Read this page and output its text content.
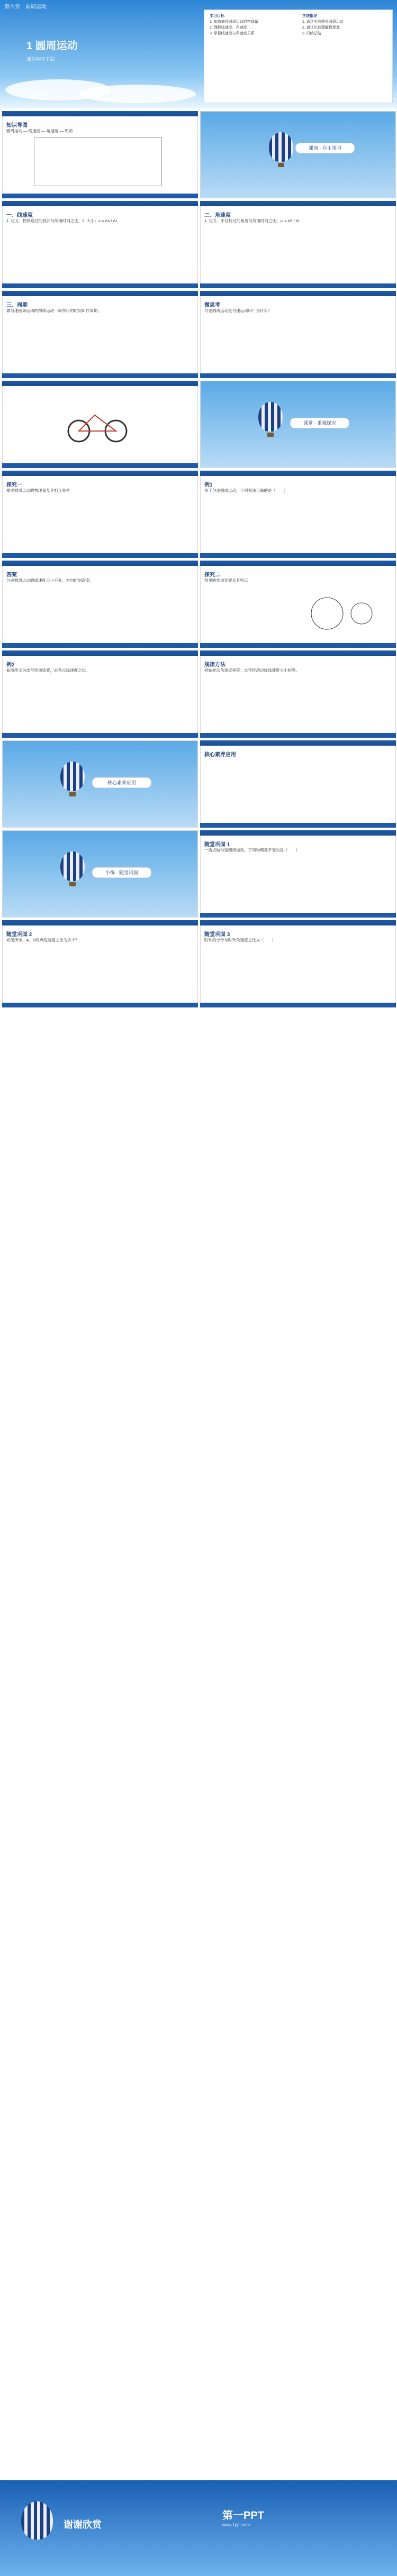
第六章　圆周运动
1 圆周运动
课件PPT下载
学习目标
1. 知道描述圆周运动的物理量
2. 理解线速度、角速度
3. 掌握线速度与角速度关系
学法指导
1. 通过实例感受圆周运动
2. 通过比较理解物理量
3. 归纳总结
知识导图
圆周运动 — 线速度 — 角速度 — 周期
课前 · 自主预习
一、线速度
1. 定义：物体通过的弧长与所用时间之比。2. 大小：v = Δs / Δt
二、角速度
1. 定义：半径转过的角度与所用时间之比。ω = Δθ / Δt
三、周期
做匀速圆周运动的物体运动一周所用的时间叫作周期。
微思考
匀速圆周运动是匀速运动吗？为什么？
课堂 · 重难探究
探究一
描述圆周运动的物理量及其相互关系
例1
关于匀速圆周运动，下列说法正确的是（　　）
答案
匀速圆周运动的线速度大小不变，方向时刻改变。
探究二
常见的传动装置及其特点
例2
如图所示为皮带传动装置，求各点线速度之比。
规律方法
同轴转动角速度相等；皮带传动边缘线速度大小相等。
核心素养应用
核心素养应用
小练 · 随堂巩固
随堂巩固 1
一质点做匀速圆周运动，下列物理量不变的是（　　）
随堂巩固 2
如图所示，A、B两点线速度之比为多少？
随堂巩固 3
时钟的分针与时针角速度之比为（　　）
谢谢欣赏
第一PPT
www.1ppt.com
